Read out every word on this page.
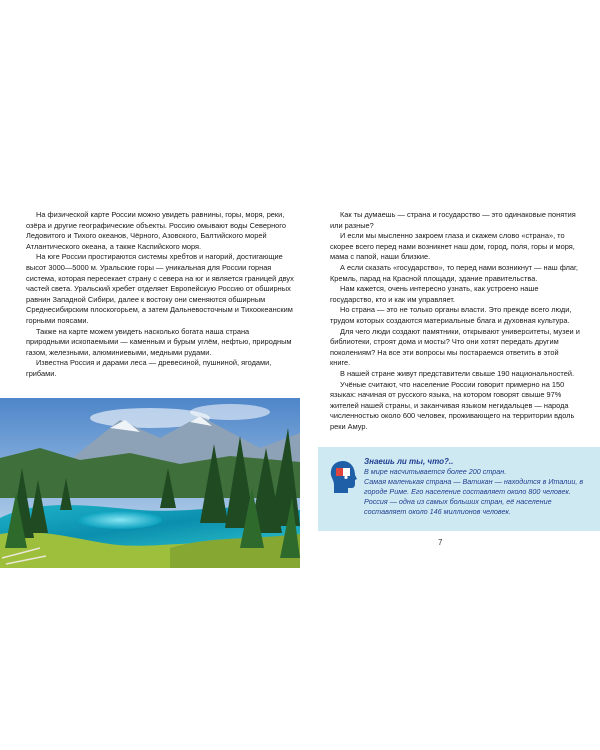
На физической карте России можно увидеть равнины, горы, моря, реки, озёра и другие географические объекты. Россию омывают воды Северного Ледовитого и Тихого океанов, Чёрного, Азовского, Балтийского морей Атлантического океана, а также Каспийского моря.

На юге России простираются системы хребтов и нагорий, достигающие высот 3000—5000 м. Уральские горы — уникальная для России горная система, которая пересекает страну с севера на юг и является границей двух частей света. Уральский хребет отделяет Европейскую Россию от обширных равнин Западной Сибири, далее к востоку они сменяются обширным Среднесибирским плоскогорьем, а затем Дальневосточным и Тихоокеанским горными поясами.

Также на карте можем увидеть насколько богата наша страна природными ископаемыми — каменным и бурым углём, нефтью, природным газом, железными, алюминиевыми, медными рудами.

Известна Россия и дарами леса — древесиной, пушниной, ягодами, грибами.

Как ты думаешь — страна и государство — это одинаковые понятия или разные?

И если мы мысленно закроем глаза и скажем слово «страна», то скорее всего перед нами возникнет наш дом, город, поля, горы и моря, мама с папой, наши близкие.

А если сказать «государство», то перед нами возникнут — наш флаг, Кремль, парад на Красной площади, здание правительства.

Нам кажется, очень интересно узнать, как устроено наше государство, кто и как им управляет.

Но страна — это не только органы власти. Это прежде всего люди, трудом которых создаются материальные блага и духовная культура.

Для чего люди создают памятники, открывают университеты, музеи и библиотеки, строят дома и мосты? Что они хотят передать другим поколениям? На все эти вопросы мы постараемся ответить в этой книге.

В нашей стране живут представители свыше 190 национальностей.

Учёные считают, что население России говорит примерно на 150 языках: начиная от русского языка, на котором говорят свыше 97% жителей нашей страны, и заканчивая языком негидальцев — народа численностью около 600 человек, проживающего на территории вдоль реки Амур.

Знаешь ли ты, что?..

В мире насчитывается более 200 стран.

Самая маленькая страна — Ватикан — находится в Италии, в городе Риме. Его население составляет около 800 человек.

Россия — одна из самых больших стран, её население составляет около 146 миллионов человек.

7
